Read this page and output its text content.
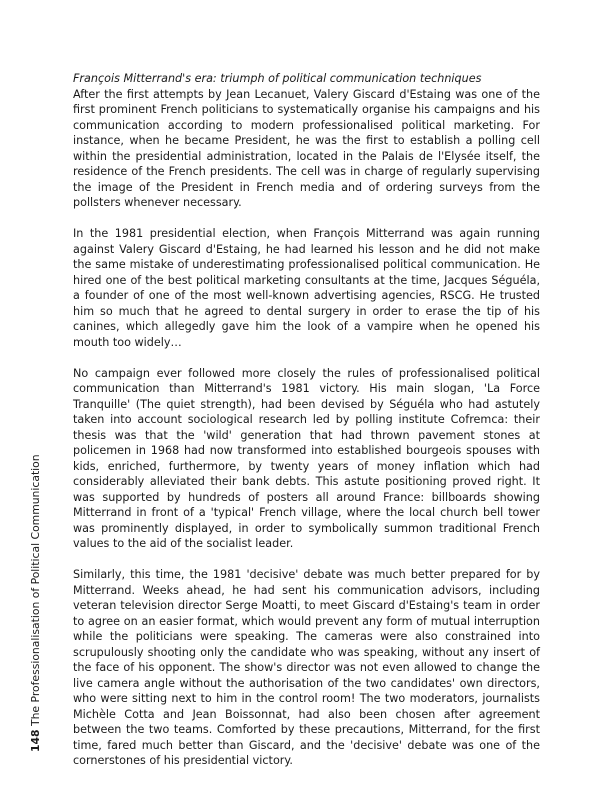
François Mitterrand's era: triumph of political communication techniques

After the first attempts by Jean Lecanuet, Valery Giscard d'Estaing was one of the first prominent French politicians to systematically organise his campaigns and his communication according to modern professionalised political marketing. For instance, when he became President, he was the first to establish a polling cell within the presidential administration, located in the Palais de l'Elysée itself, the residence of the French presidents. The cell was in charge of regularly supervising the image of the President in French media and of ordering surveys from the pollsters whenever necessary.

In the 1981 presidential election, when François Mitterrand was again running against Valery Giscard d'Estaing, he had learned his lesson and he did not make the same mistake of underestimating professionalised political communication. He hired one of the best political marketing consultants at the time, Jacques Séguéla, a founder of one of the most well-known advertising agencies, RSCG. He trusted him so much that he agreed to dental surgery in order to erase the tip of his canines, which allegedly gave him the look of a vampire when he opened his mouth too widely…

No campaign ever followed more closely the rules of professionalised political communication than Mitterrand's 1981 victory. His main slogan, 'La Force Tranquille' (The quiet strength), had been devised by Séguéla who had astutely taken into account sociological research led by polling institute Cofremca: their thesis was that the 'wild' generation that had thrown pavement stones at policemen in 1968 had now transformed into established bourgeois spouses with kids, enriched, furthermore, by twenty years of money inflation which had considerably alleviated their bank debts. This astute positioning proved right. It was supported by hundreds of posters all around France: billboards showing Mitterrand in front of a 'typical' French village, where the local church bell tower was prominently displayed, in order to symbolically summon traditional French values to the aid of the socialist leader.

Similarly, this time, the 1981 'decisive' debate was much better prepared for by Mitterrand. Weeks ahead, he had sent his communication advisors, including veteran television director Serge Moatti, to meet Giscard d'Estaing's team in order to agree on an easier format, which would prevent any form of mutual interruption while the politicians were speaking. The cameras were also constrained into scrupulously shooting only the candidate who was speaking, without any insert of the face of his opponent. The show's director was not even allowed to change the live camera angle without the authorisation of the two candidates' own directors, who were sitting next to him in the control room! The two moderators, journalists Michèle Cotta and Jean Boissonnat, had also been chosen after agreement between the two teams. Comforted by these precautions, Mitterrand, for the first time, fared much better than Giscard, and the 'decisive' debate was one of the cornerstones of his presidential victory.

148 The Professionalisation of Political Communication
